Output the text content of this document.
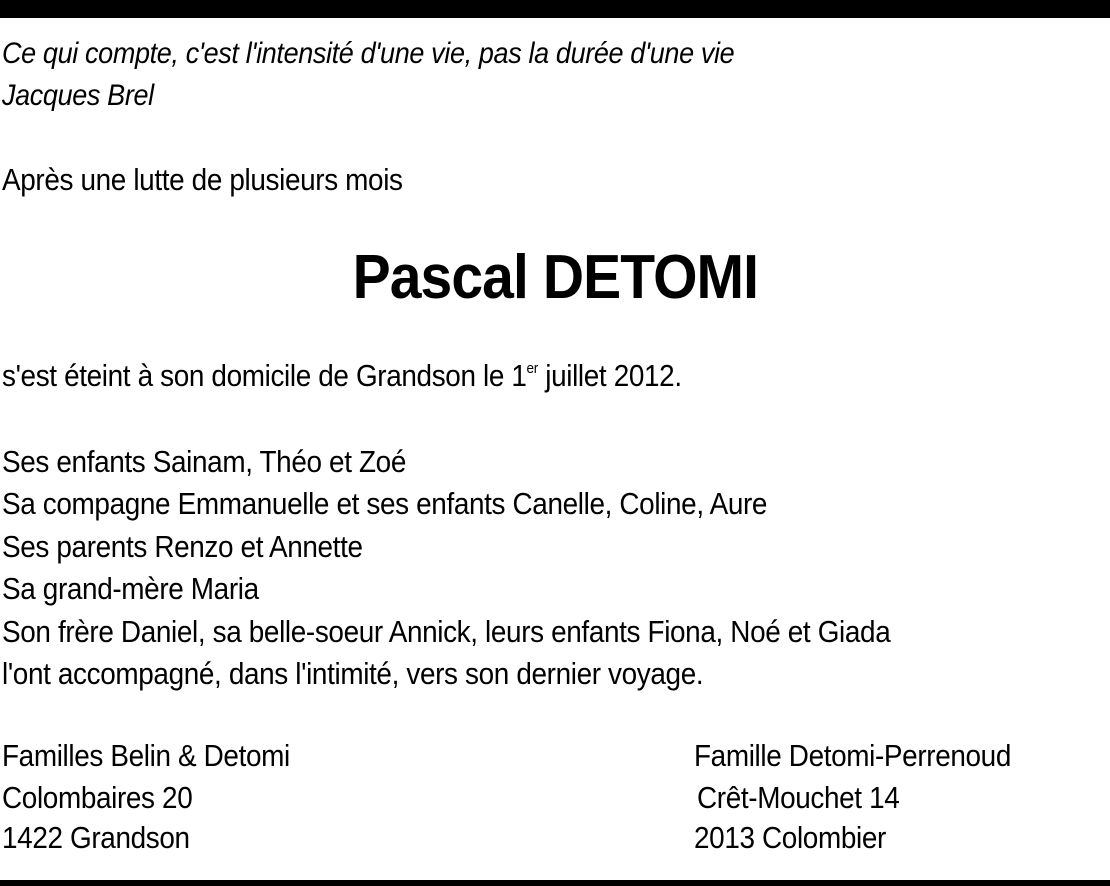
Ce qui compte, c'est l'intensité d'une vie, pas la durée d'une vie

Jacques Brel

Après une lutte de plusieurs mois

Pascal DETOMI

s'est éteint à son domicile de Grandson le 1er juillet 2012.

Ses enfants Sainam, Théo et Zoé

Sa compagne Emmanuelle et ses enfants Canelle, Coline, Aure

Ses parents Renzo et Annette

Sa grand-mère Maria

Son frère Daniel, sa belle-soeur Annick, leurs enfants Fiona, Noé et Giada

l'ont accompagné, dans l'intimité, vers son dernier voyage.

Familles Belin & Detomi

Colombaires 20

1422 Grandson

Famille Detomi-Perrenoud

Crêt-Mouchet 14

2013 Colombier
